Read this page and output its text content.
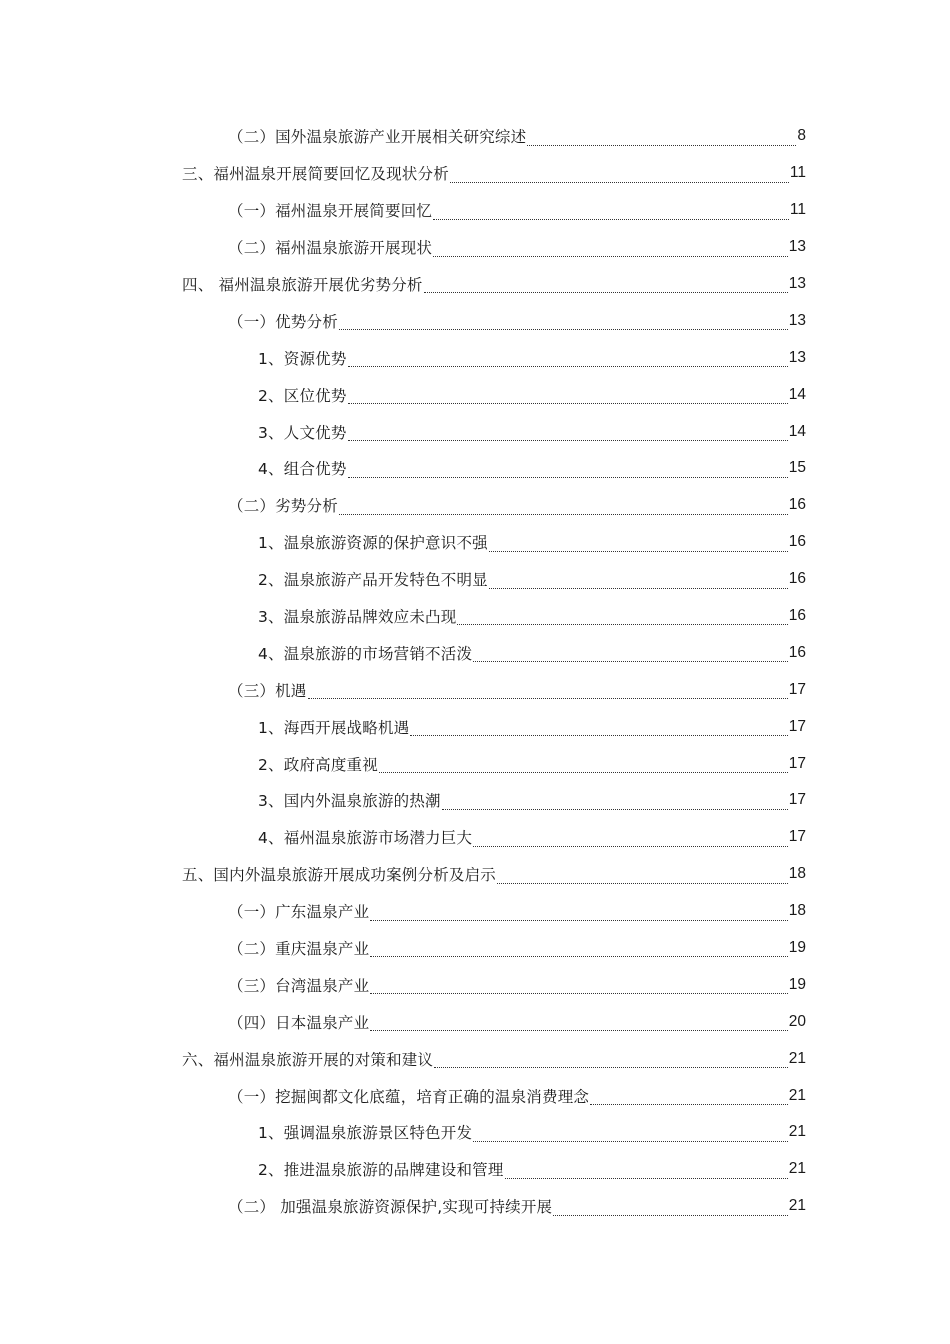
（二）国外温泉旅游产业开展相关研究综述	8
三、福州温泉开展简要回忆及现状分析	11
（一）福州温泉开展简要回忆	11
（二）福州温泉旅游开展现状	13
四、 福州温泉旅游开展优劣势分析	13
（一）优势分析	13
1、资源优势	13
2、区位优势	14
3、人文优势	14
4、组合优势	15
（二）劣势分析	16
1、温泉旅游资源的保护意识不强	16
2、温泉旅游产品开发特色不明显	16
3、温泉旅游品牌效应未凸现	16
4、温泉旅游的市场营销不活泼	16
（三）机遇	17
1、海西开展战略机遇	17
2、政府高度重视	17
3、国内外温泉旅游的热潮	17
4、福州温泉旅游市场潜力巨大	17
五、国内外温泉旅游开展成功案例分析及启示	18
（一）广东温泉产业	18
（二）重庆温泉产业	19
（三）台湾温泉产业	19
（四）日本温泉产业	20
六、福州温泉旅游开展的对策和建议	21
（一）挖掘闽都文化底蕴，培育正确的温泉消费理念	21
1、强调温泉旅游景区特色开发	21
2、推进温泉旅游的品牌建设和管理	21
（二） 加强温泉旅游资源保护,实现可持续开展	21
